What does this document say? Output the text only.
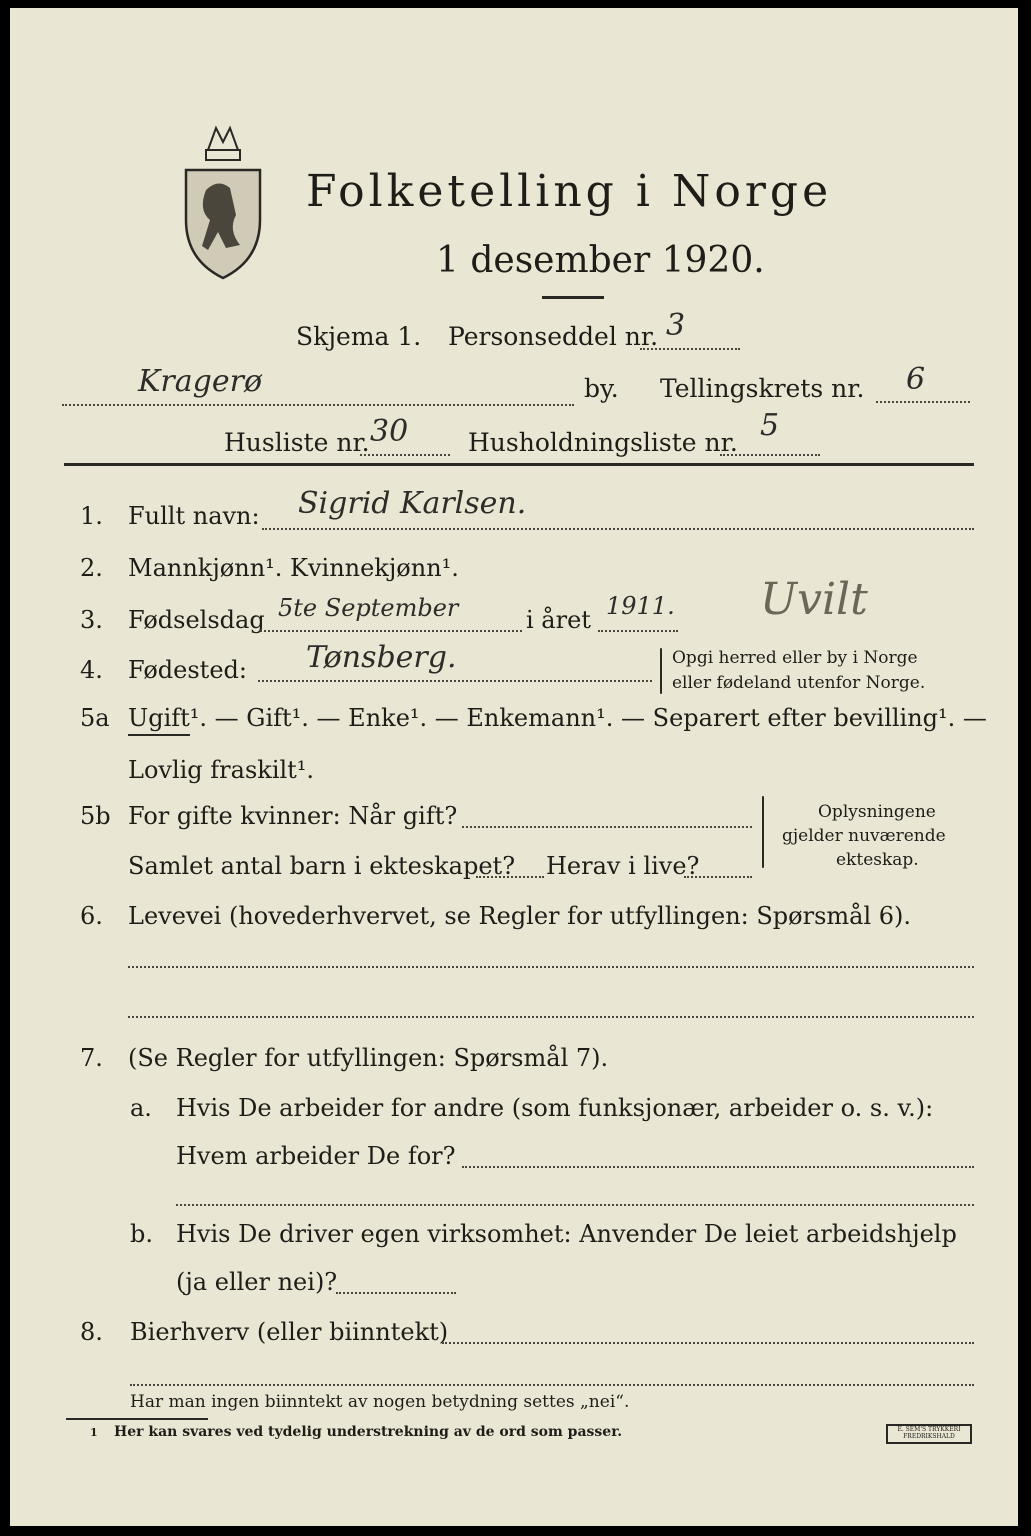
Folketelling i Norge
1 desember 1920.
Skjema 1. Personseddel nr. 3
Kragerø	by. Tellingskrets nr. 6
Husliste nr. 30 Husholdningsliste nr. 5
1. Fullt navn: Sigrid Karlsen.
2. Mannkjønn¹. Kvinnekjønn¹.
3. Fødselsdag 5te September	i året 1911. Uvilt
4. Fødested: Tønsberg.	Opgi herred eller by i Norge
eller fødeland utenfor Norge.
5a Ugift¹. — Gift¹. — Enke¹. — Enkemann¹. — Separert efter bevilling¹. —
Lovlig fraskilt¹.
5b For gifte kvinner: Når gift?
Samlet antal barn i ekteskapet? Herav i live?
Oplysningene
gjelder nuværende
ekteskap.
6. Levevei (hovederhvervet, se Regler for utfyllingen: Spørsmål 6).
7. (Se Regler for utfyllingen: Spørsmål 7).
a. Hvis De arbeider for andre (som funksjonær, arbeider o. s. v.):
Hvem arbeider De for?
b. Hvis De driver egen virksomhet: Anvender De leiet arbeidshjelp
(ja eller nei)?
8. Bierhverv (eller biinntekt)
Har man ingen biinntekt av nogen betydning settes „nei“.
1 Her kan svares ved tydelig understrekning av de ord som passer.	E. SEM'S TRYKKERI FREDRIKSHALD
